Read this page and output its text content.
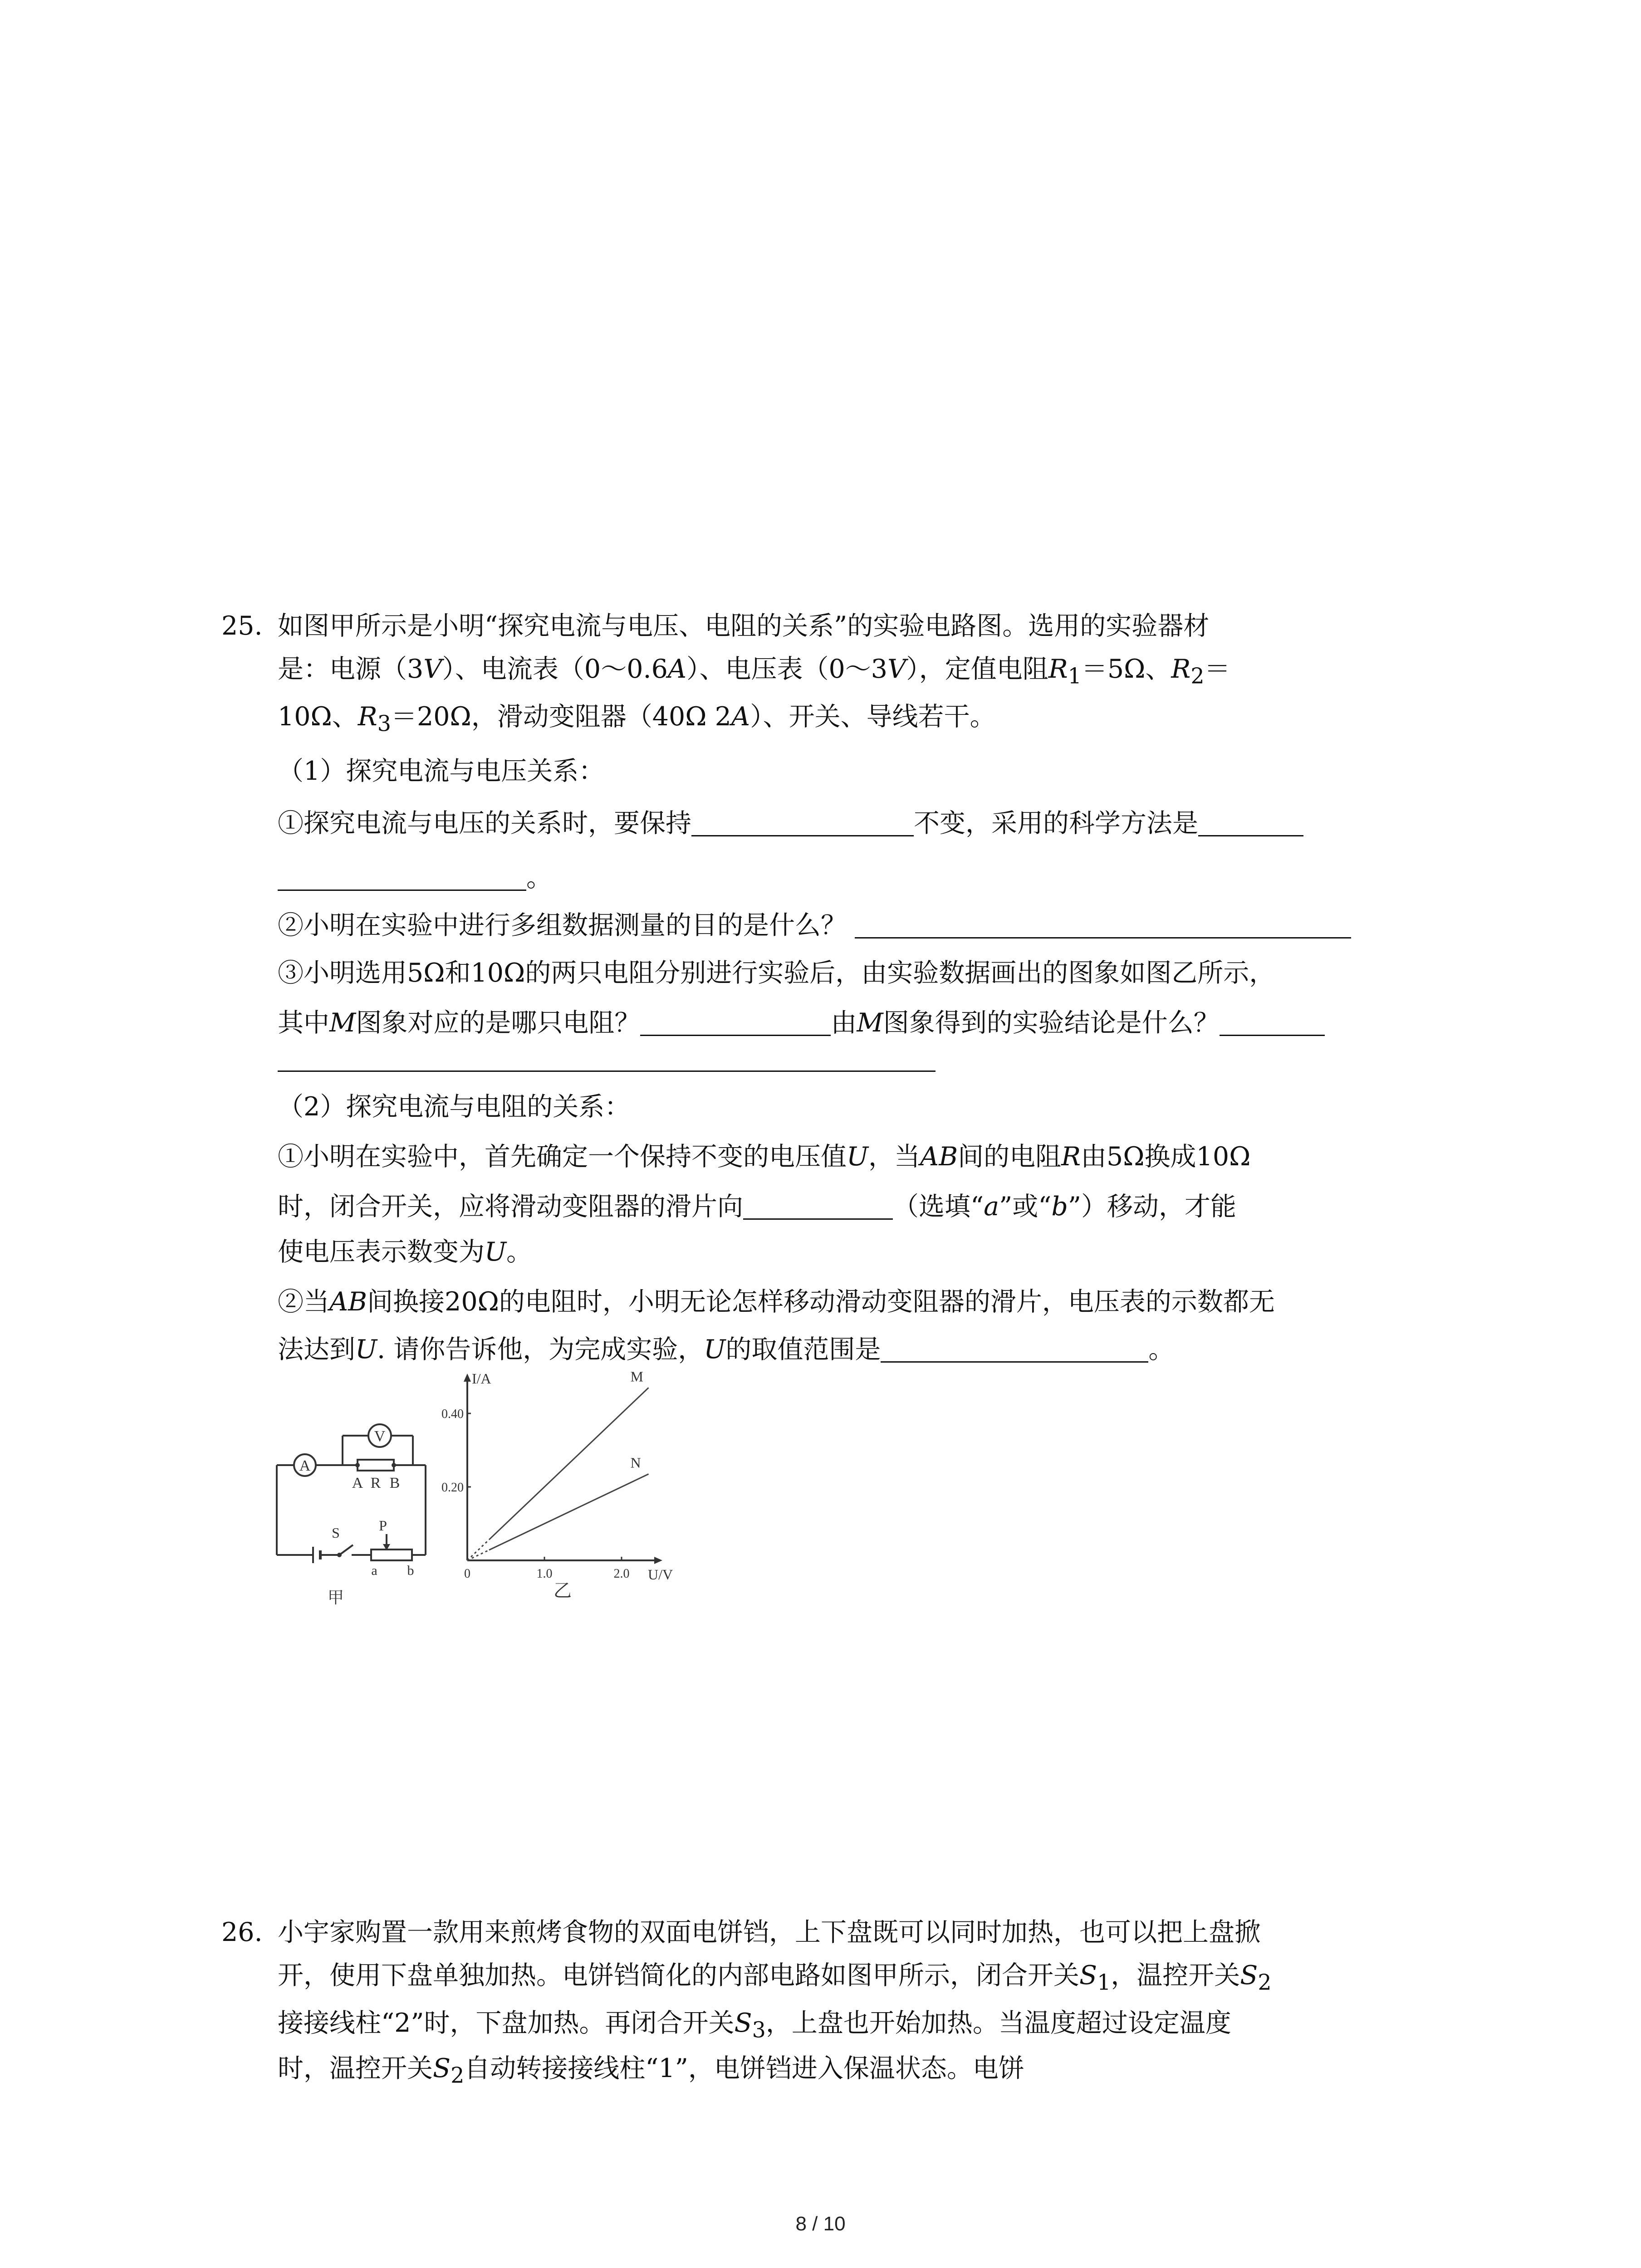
25. 如图甲所示是小明“探究电流与电压、电阻的关系”的实验电路图。选用的实验器材
是：电源（3V）、电流表（0～0.6A）、电压表（0～3V），定值电阻$R_1=5\Omega$、$R_2=$
10Ω、$R_3=20\Omega$，滑动变阻器（40Ω 2A）、开关、导线若干。
（1）探究电流与电压关系：
①探究电流与电压的关系时，要保持	不变，采用的科学方法是
。
②小明在实验中进行多组数据测量的目的是什么？
③小明选用5Ω和10Ω的两只电阻分别进行实验后，由实验数据画出的图象如图乙所示，
其中M图象对应的是哪只电阻？	由M图象得到的实验结论是什么？
（2）探究电流与电阻的关系：
①小明在实验中，首先确定一个保持不变的电压值U，当AB间的电阻R由5Ω换成10Ω
时，闭合开关，应将滑动变阻器的滑片向	（选填“a”或“b”）移动，才能
使电压表示数变为U。
②当AB间换接20Ω的电阻时，小明无论怎样移动滑动变阻器的滑片，电压表的示数都无
法达到U. 请你告诉他，为完成实验，U的取值范围是	。
A
V
A R B
S	P
a b
甲
I/A
U/V
0	1.0	2.0
0.20
0.40
M
N
乙
26. 小宇家购置一款用来煎烤食物的双面电饼铛，上下盘既可以同时加热，也可以把上盘掀
开，使用下盘单独加热。电饼铛简化的内部电路如图甲所示，闭合开关$S_1$，温控开关$S_2$
接接线柱“2”时，下盘加热。再闭合开关$S_3$，上盘也开始加热。当温度超过设定温度
时，温控开关$S_2$自动转接接线柱“1”，电饼铛进入保温状态。电饼
8 / 10
